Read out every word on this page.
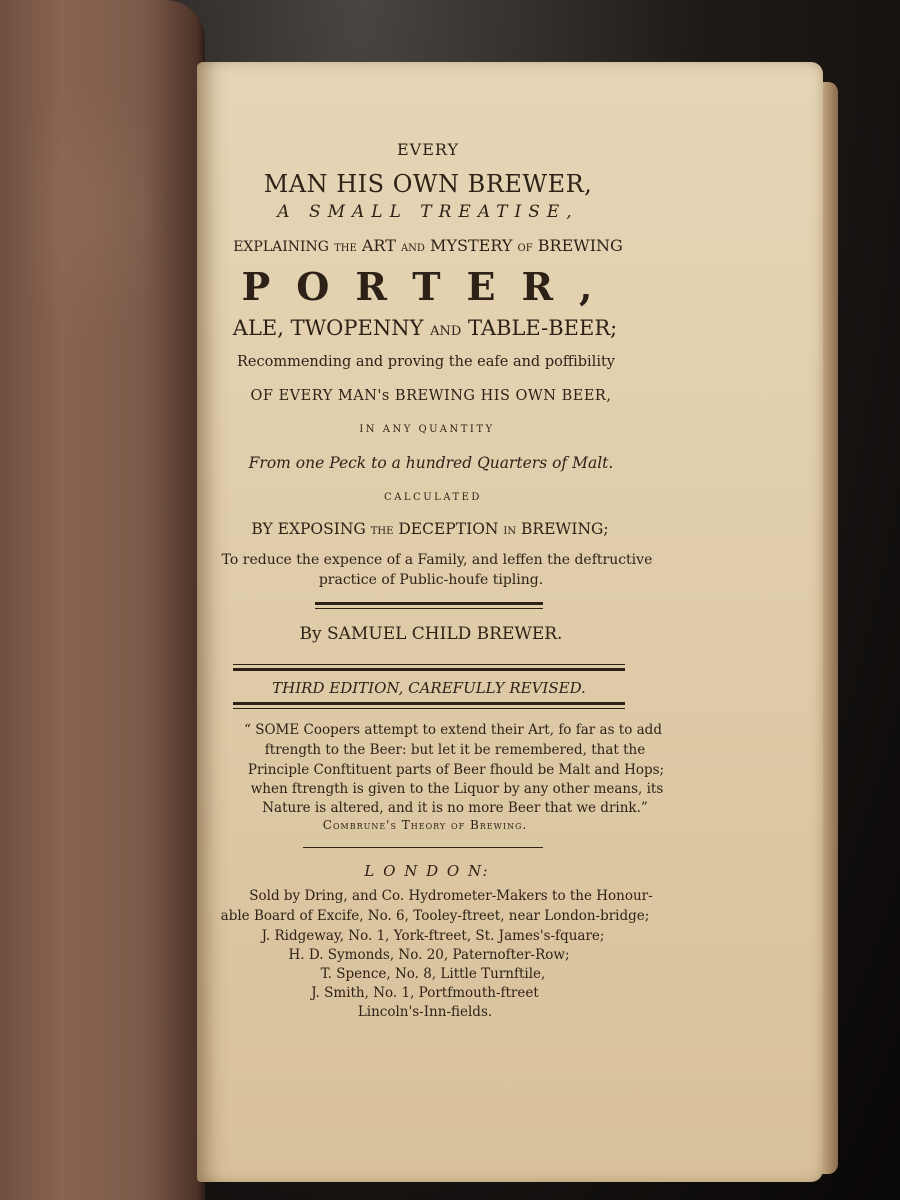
EVERY
MAN HIS OWN BREWER,
A SMALL TREATISE,
EXPLAINING THE ART AND MYSTERY OF BREWING
PORTER,
ALE, TWOPENNY AND TABLE-BEER;
Recommending and proving the eafe and poffibility
OF EVERY MAN's BREWING HIS OWN BEER,
IN ANY QUANTITY
From one Peck to a hundred Quarters of Malt.
CALCULATED
BY EXPOSING THE DECEPTION IN BREWING;
To reduce the expence of a Family, and leffen the deftructive
practice of Public-houfe tipling.
By SAMUEL CHILD BREWER.
THIRD EDITION, CAREFULLY REVISED.
“ SOME Coopers attempt to extend their Art, fo far as to add
ftrength to the Beer: but let it be remembered, that the
Principle Conftituent parts of Beer fhould be Malt and Hops;
when ftrength is given to the Liquor by any other means, its
Nature is altered, and it is no more Beer that we drink.”
Combrune's Theory of Brewing.
L O N D O N:
Sold by Dring, and Co. Hydrometer-Makers to the Honour-
able Board of Excife, No. 6, Tooley-ftreet, near London-bridge;
J. Ridgeway, No. 1, York-ftreet, St. James's-fquare;
H. D. Symonds, No. 20, Paternofter-Row;
T. Spence, No. 8, Little Turnftile,
J. Smith, No. 1, Portfmouth-ftreet
Lincoln's-Inn-fields.
